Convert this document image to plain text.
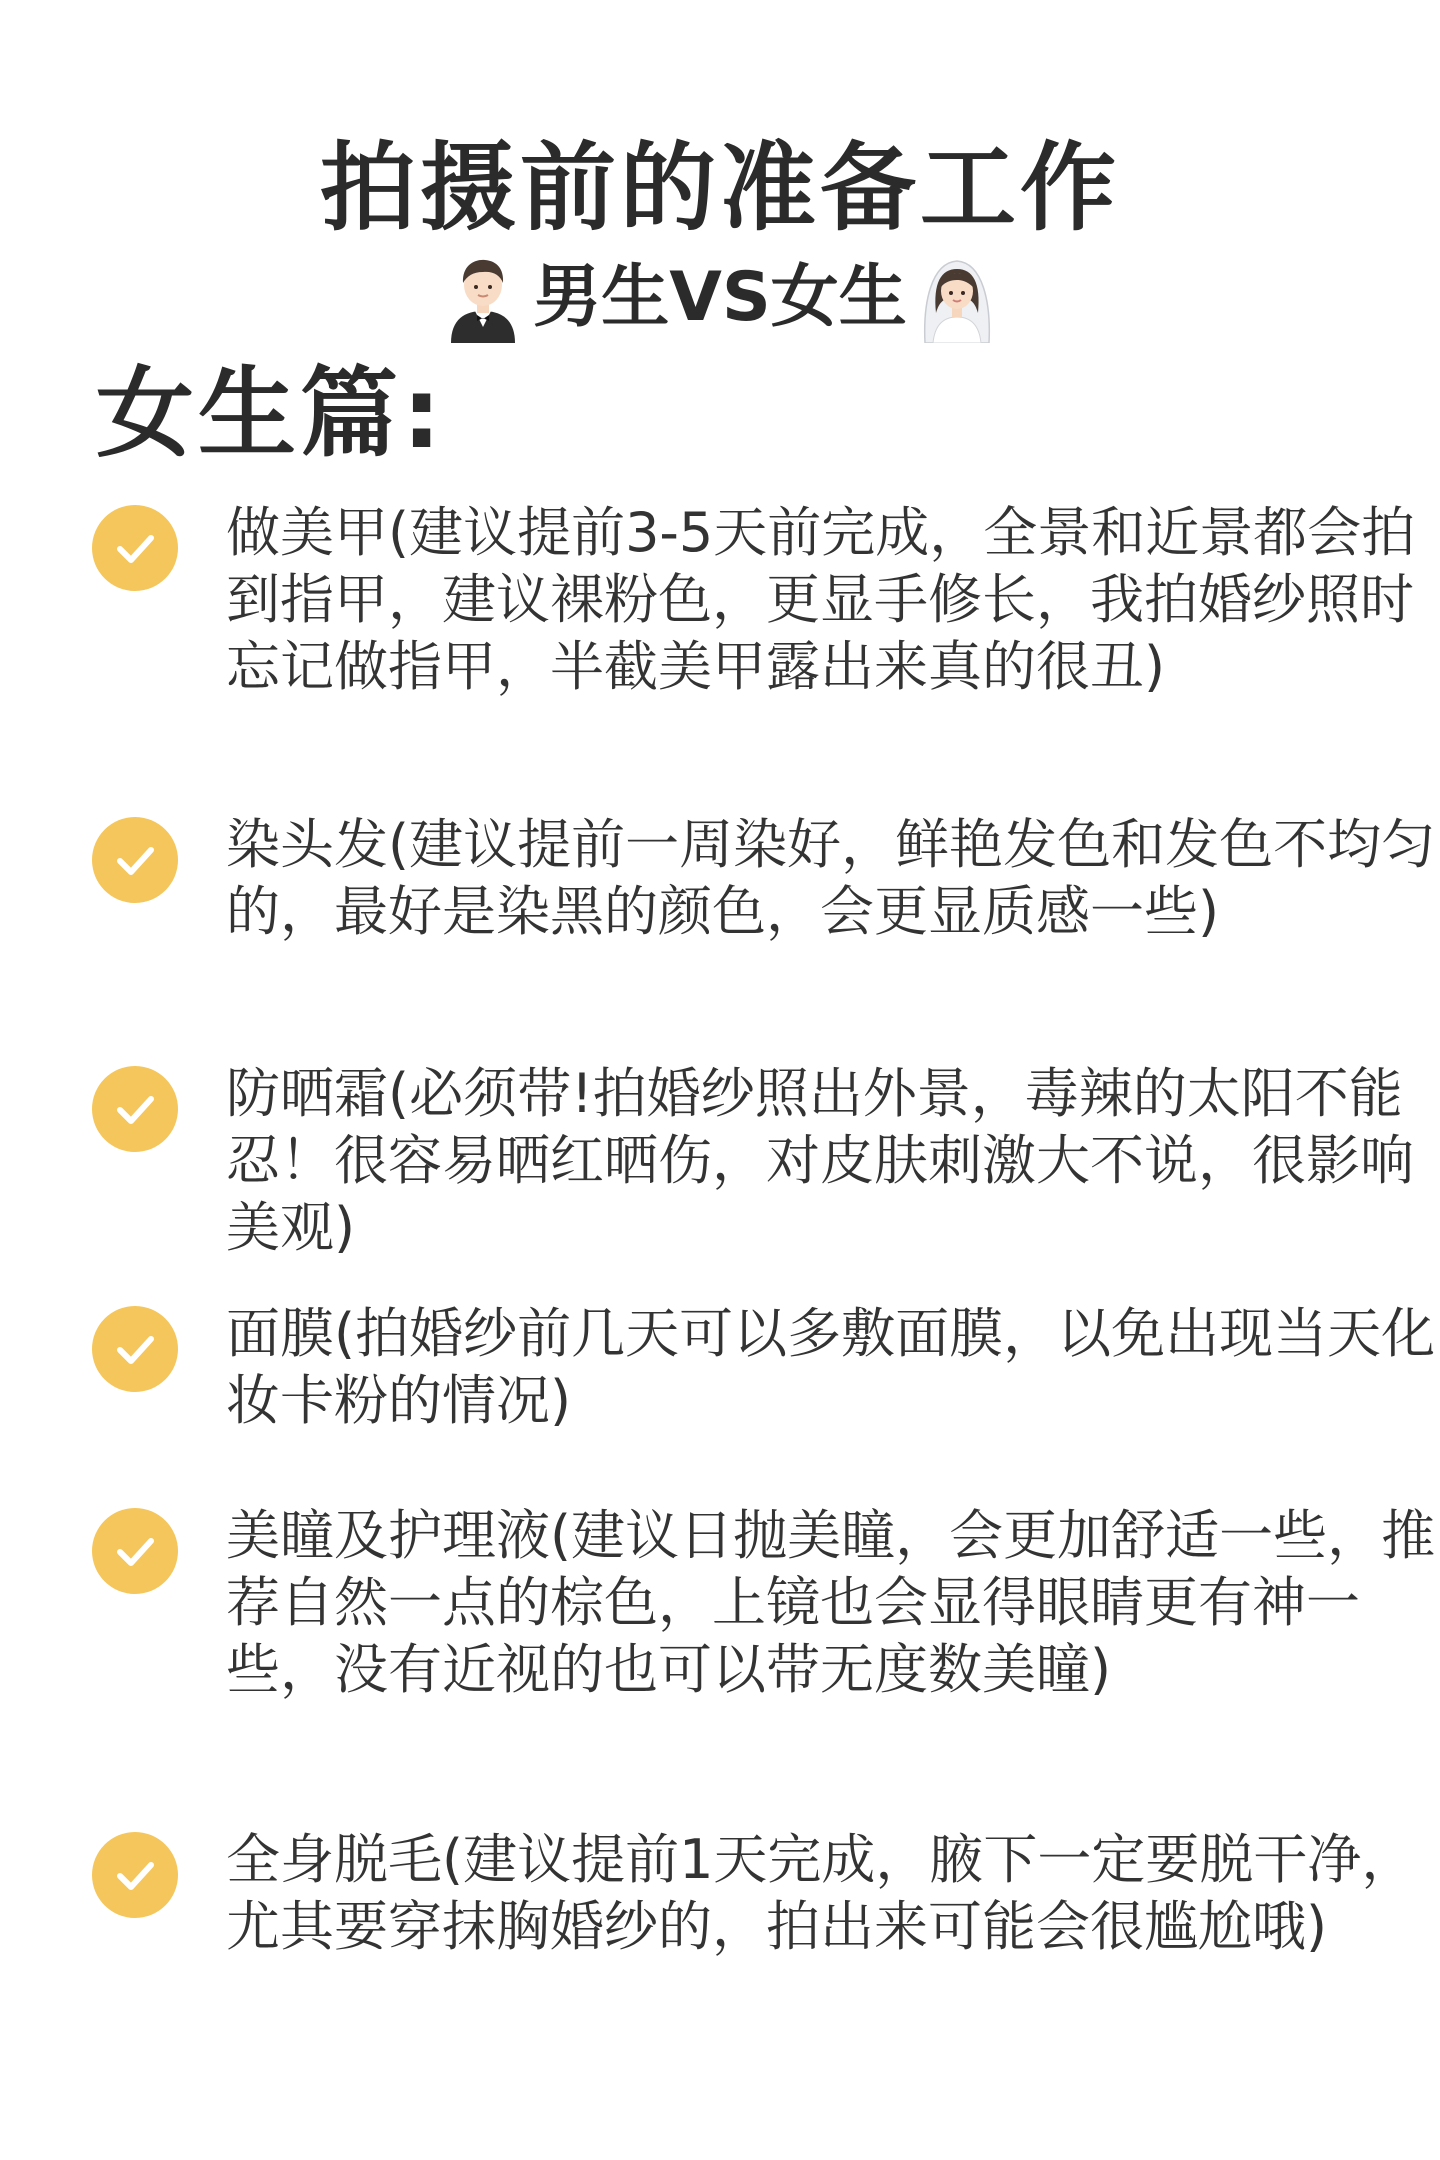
拍摄前的准备工作
男生VS女生
女生篇:
做美甲(建议提前3-5天前完成，全景和近景都会拍到指甲，建议裸粉色，更显手修长，我拍婚纱照时忘记做指甲，半截美甲露出来真的很丑)
染头发(建议提前一周染好，鲜艳发色和发色不均匀的，最好是染黑的颜色，会更显质感一些)
防晒霜(必须带!拍婚纱照出外景，毒辣的太阳不能忍！很容易晒红晒伤，对皮肤刺激大不说，很影响美观)
面膜(拍婚纱前几天可以多敷面膜，以免出现当天化妆卡粉的情况)
美瞳及护理液(建议日抛美瞳，会更加舒适一些，推荐自然一点的棕色，上镜也会显得眼睛更有神一些，没有近视的也可以带无度数美瞳)
全身脱毛(建议提前1天完成，腋下一定要脱干净，尤其要穿抹胸婚纱的，拍出来可能会很尴尬哦)
